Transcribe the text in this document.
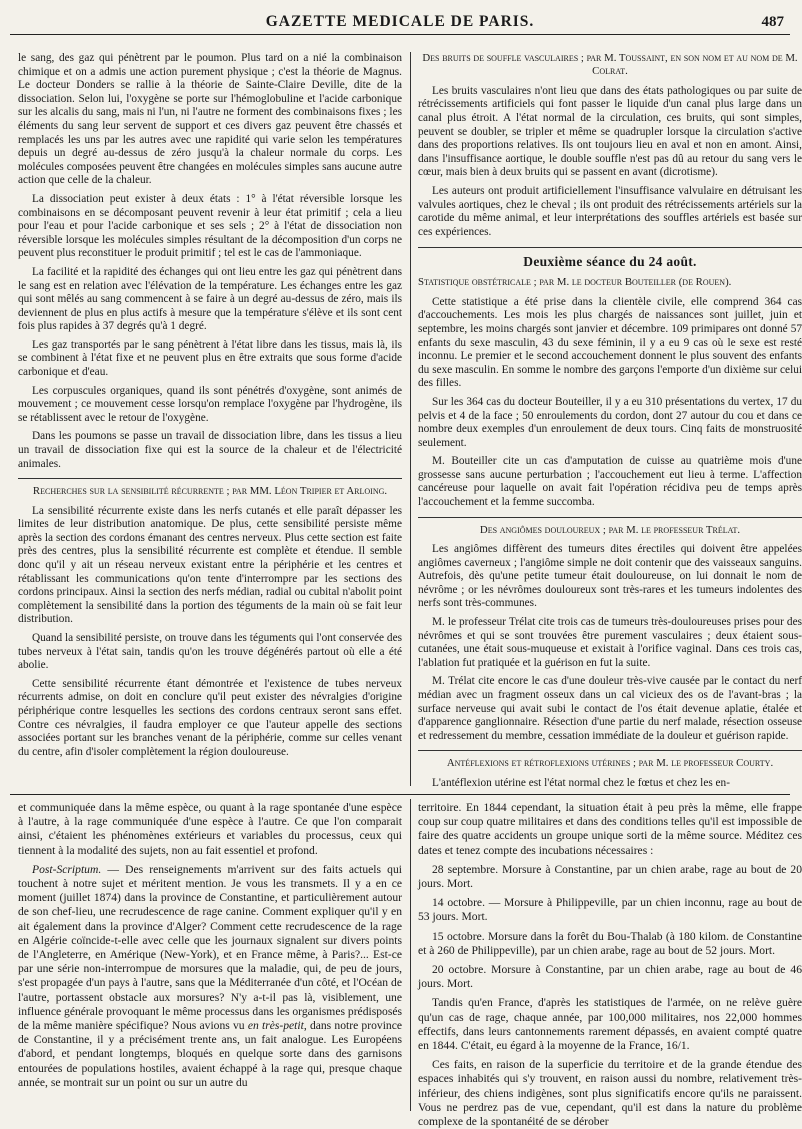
GAZETTE MEDICALE DE PARIS.	487

le sang, des gaz qui pénètrent par le poumon. Plus tard on a nié la combinaison chimique et on a admis une action purement physique ; c'est la théorie de Magnus. Le docteur Donders se rallie à la théorie de Sainte-Claire Deville, dite de la dissociation. Selon lui, l'oxygène se porte sur l'hémoglobuline et l'acide carbonique sur les alcalis du sang, mais ni l'un, ni l'autre ne forment des combinaisons fixes ; les éléments du sang leur servent de support et ces divers gaz peuvent être chassés et remplacés les uns par les autres avec une rapidité qui varie selon les températures depuis un degré au-dessus de zéro jusqu'à la chaleur normale du corps. Les molécules composées peuvent être changées en molécules simples sans aucune autre action que celle de la chaleur.

La dissociation peut exister à deux états : 1° à l'état réversible lorsque les combinaisons en se décomposant peuvent revenir à leur état primitif ; cela a lieu pour l'eau et pour l'acide carbonique et ses sels ; 2° à l'état de dissociation non réversible lorsque les molécules simples résultant de la décomposition d'un corps ne peuvent plus reconstituer le produit primitif ; tel est le cas de l'ammoniaque.

La facilité et la rapidité des échanges qui ont lieu entre les gaz qui pénètrent dans le sang est en relation avec l'élévation de la température. Les échanges entre les gaz qui sont mêlés au sang commencent à se faire à un degré au-dessus de zéro, mais ils deviennent de plus en plus actifs à mesure que la température s'élève et ils sont cent fois plus rapides à 37 degrés qu'à 1 degré.

Les gaz transportés par le sang pénètrent à l'état libre dans les tissus, mais là, ils se combinent à l'état fixe et ne peuvent plus en être extraits que sous forme d'acide carbonique et d'eau.

Les corpuscules organiques, quand ils sont pénétrés d'oxygène, sont animés de mouvement ; ce mouvement cesse lorsqu'on remplace l'oxygène par l'hydrogène, ils se rétablissent avec le retour de l'oxygène.

Dans les poumons se passe un travail de dissociation libre, dans les tissus a lieu un travail de dissociation fixe qui est la source de la chaleur et de l'électricité animales.

Recherches sur la sensibilité récurrente ; par MM. Léon Tripier et Arloing.

La sensibilité récurrente existe dans les nerfs cutanés et elle paraît dépasser les limites de leur distribution anatomique. De plus, cette sensibilité persiste même après la section des cordons émanant des centres nerveux. Plus cette section est faite près des centres, plus la sensibilité récurrente est complète et étendue. Il semble donc qu'il y ait un réseau nerveux existant entre la périphérie et les centres et rétablissant les communications qu'on tente d'interrompre par les sections des cordons principaux. Ainsi la section des nerfs médian, radial ou cubital n'abolit point complètement la sensibilité dans la portion des téguments de la main où se fait leur distribution.

Quand la sensibilité persiste, on trouve dans les téguments qui l'ont conservée des tubes nerveux à l'état sain, tandis qu'on les trouve dégénérés partout où elle a été abolie.

Cette sensibilité récurrente étant démontrée et l'existence de tubes nerveux récurrents admise, on doit en conclure qu'il peut exister des névralgies d'origine périphérique contre lesquelles les sections des cordons centraux seront sans effet. Contre ces névralgies, il faudra employer ce que l'auteur appelle des sections associées portant sur les branches venant de la périphérie, comme sur celles venant du centre, afin d'isoler complètement la région douloureuse.

Des bruits de souffle vasculaires ; par M. Toussaint, en son nom et au nom de M. Colrat.

Les bruits vasculaires n'ont lieu que dans des états pathologiques ou par suite de rétrécissements artificiels qui font passer le liquide d'un canal plus large dans un canal plus étroit. A l'état normal de la circulation, ces bruits, qui sont simples, peuvent se doubler, se tripler et même se quadrupler lorsque la circulation s'active dans des proportions relatives. Ils ont toujours lieu en aval et non en amont. Ainsi, dans l'insuffisance aortique, le double souffle n'est pas dû au retour du sang vers le cœur, mais bien à deux bruits qui se passent en avant (dicrotisme).

Les auteurs ont produit artificiellement l'insuffisance valvulaire en détruisant les valvules aortiques, chez le cheval ; ils ont produit des rétrécissements artériels sur la carotide du même animal, et leur interprétations des souffles artériels est basée sur ces expériences.

Deuxième séance du 24 août.
Statistique obstétricale ; par M. le docteur Bouteiller (de Rouen).

Cette statistique a été prise dans la clientèle civile, elle comprend 364 cas d'accouchements. Les mois les plus chargés de naissances sont juillet, juin et septembre, les moins chargés sont janvier et décembre. 109 primipares ont donné 57 enfants du sexe masculin, 43 du sexe féminin, il y a eu 9 cas où le sexe est resté inconnu. Le premier et le second accouchement donnent le plus souvent des enfants du sexe masculin. En somme le nombre des garçons l'emporte d'un dixième sur celui des filles.

Sur les 364 cas du docteur Bouteiller, il y a eu 310 présentations du vertex, 17 du pelvis et 4 de la face ; 50 enroulements du cordon, dont 27 autour du cou et dans ce nombre deux exemples d'un enroulement de deux tours. Cinq faits de monstruosité seulement.

M. Bouteiller cite un cas d'amputation de cuisse au quatrième mois d'une grossesse sans aucune perturbation ; l'accouchement eut lieu à terme. L'affection cancéreuse pour laquelle on avait fait l'opération récidiva peu de temps après l'accouchement et la femme succomba.

Des angiômes douloureux ; par M. le professeur Trélat.

Les angiômes diffèrent des tumeurs dites érectiles qui doivent être appelées angiômes caverneux ; l'angiôme simple ne doit contenir que des vaisseaux sanguins. Autrefois, dès qu'une petite tumeur était douloureuse, on lui donnait le nom de névrôme ; or les névrômes douloureux sont très-rares et les tumeurs indolentes des nerfs sont très-communes.

M. le professeur Trélat cite trois cas de tumeurs très-douloureuses prises pour des névrômes et qui se sont trouvées être purement vasculaires ; deux étaient sous-cutanées, une était sous-muqueuse et existait à l'orifice vaginal. Dans ces trois cas, l'ablation fut pratiquée et la guérison en fut la suite.

M. Trélat cite encore le cas d'une douleur très-vive causée par le contact du nerf médian avec un fragment osseux dans un cal vicieux des os de l'avant-bras ; la surface nerveuse qui avait subi le contact de l'os était devenue aplatie, étalée et d'apparence ganglionnaire. Résection d'une partie du nerf malade, résection osseuse et redressement du membre, cessation immédiate de la douleur et guérison rapide.

Antéflexions et rétroflexions utérines ; par M. le professeur Courty.

L'antéflexion utérine est l'état normal chez le fœtus et chez les en-

et communiquée dans la même espèce, ou quant à la rage spontanée d'une espèce à l'autre, à la rage communiquée d'une espèce à l'autre. Ce que l'on comparait ainsi, c'étaient les phénomènes extérieurs et variables du processus, ceux qui tiennent à la modalité des sujets, non au fait essentiel et profond.

Post-Scriptum. — Des renseignements m'arrivent sur des faits actuels qui touchent à notre sujet et méritent mention. Je vous les transmets. Il y a en ce moment (juillet 1874) dans la province de Constantine, et particulièrement autour de son chef-lieu, une recrudescence de rage canine. Comment expliquer qu'il y en ait également dans la province d'Alger? Comment cette recrudescence de la rage en Algérie coïncide-t-elle avec celle que les journaux signalent sur divers points de l'Angleterre, en Amérique (New-York), et en France même, à Paris?... Est-ce par une série non-interrompue de morsures que la maladie, qui, de peu de jours, s'est propagée d'un pays à l'autre, sans que la Méditerranée d'un côté, et l'Océan de l'autre, portassent obstacle aux morsures? N'y a-t-il pas là, visiblement, une influence générale provoquant le même processus dans les organismes prédisposés de la même manière spécifique? Nous avions vu en très-petit, dans notre province de Constantine, il y a précisément trente ans, un fait analogue. Les Européens d'abord, et pendant longtemps, bloqués en quelque sorte dans des garnisons entourées de populations hostiles, avaient échappé à la rage qui, presque chaque année, se montrait sur un point ou sur un autre du

territoire. En 1844 cependant, la situation était à peu près la même, elle frappe coup sur coup quatre militaires et dans des conditions telles qu'il est impossible de faire des quatre accidents un groupe unique sorti de la même source. Méditez ces dates et tenez compte des incubations nécessaires :

28 septembre. Morsure à Constantine, par un chien arabe, rage au bout de 20 jours. Mort.

14 octobre. — Morsure à Philippeville, par un chien inconnu, rage au bout de 53 jours. Mort.

15 octobre. Morsure dans la forêt du Bou-Thalab (à 180 kilom. de Constantine et à 260 de Philippeville), par un chien arabe, rage au bout de 52 jours. Mort.

20 octobre. Morsure à Constantine, par un chien arabe, rage au bout de 46 jours. Mort.

Tandis qu'en France, d'après les statistiques de l'armée, on ne relève guère qu'un cas de rage, chaque année, par 100,000 militaires, nos 22,000 hommes effectifs, dans leurs cantonnements rarement dépassés, en avaient compté quatre en 1844. C'était, eu égard à la moyenne de la France, 16/1.

Ces faits, en raison de la superficie du territoire et de la grande étendue des espaces inhabités qui s'y trouvent, en raison aussi du nombre, relativement très-inférieur, des chiens indigènes, sont plus significatifs encore qu'ils ne paraissent. Vous ne perdrez pas de vue, cependant, qu'il est dans la nature du problème complexe de la spontanéité de se dérober
